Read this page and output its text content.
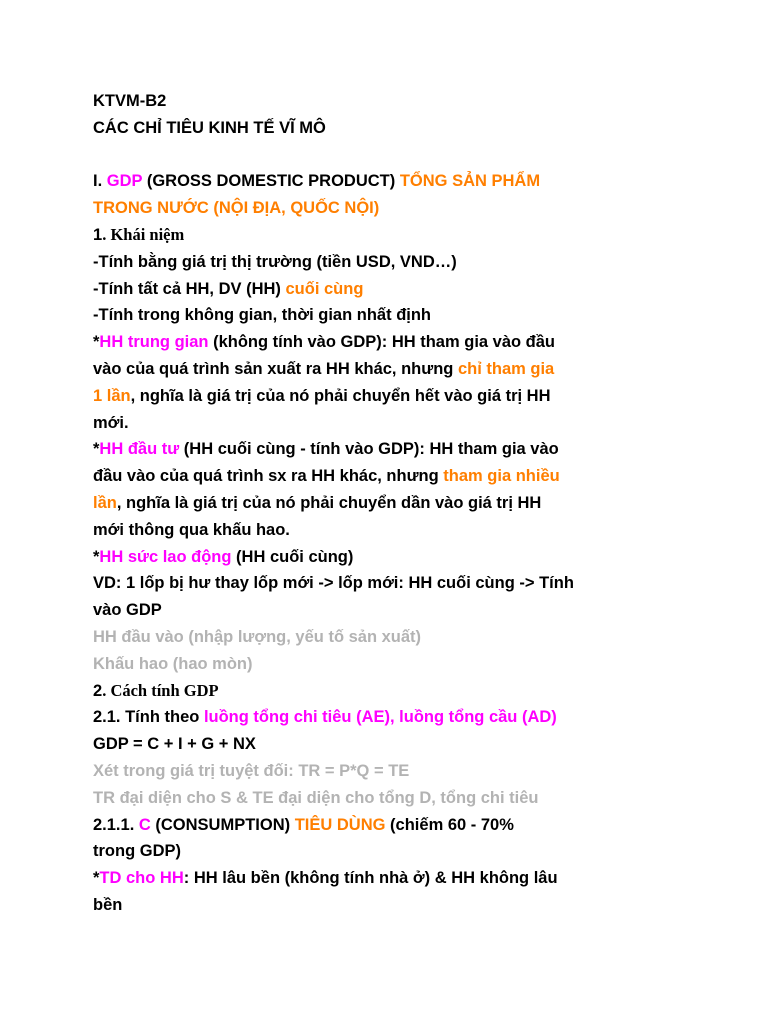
KTVM-B2
CÁC CHỈ TIÊU KINH TẾ VĨ MÔ
I. GDP (GROSS DOMESTIC PRODUCT) TỔNG SẢN PHẨM
TRONG NƯỚC (NỘI ĐỊA, QUỐC NỘI)
1. Khái niệm
-Tính bằng giá trị thị trường (tiền USD, VND…)
-Tính tất cả HH, DV (HH) cuối cùng
-Tính trong không gian, thời gian nhất định
*HH trung gian (không tính vào GDP): HH tham gia vào đầu
vào của quá trình sản xuất ra HH khác, nhưng chỉ tham gia
1 lần, nghĩa là giá trị của nó phải chuyển hết vào giá trị HH
mới.
*HH đầu tư (HH cuối cùng - tính vào GDP): HH tham gia vào
đầu vào của quá trình sx ra HH khác, nhưng tham gia nhiều
lần, nghĩa là giá trị của nó phải chuyển dần vào giá trị HH
mới thông qua khấu hao.
*HH sức lao động (HH cuối cùng)
VD: 1 lốp bị hư thay lốp mới -> lốp mới: HH cuối cùng -> Tính
vào GDP
HH đầu vào (nhập lượng, yếu tố sản xuất)
Khấu hao (hao mòn)
2. Cách tính GDP
2.1. Tính theo luồng tổng chi tiêu (AE), luồng tổng cầu (AD)
GDP = C + I + G + NX
Xét trong giá trị tuyệt đối: TR = P*Q = TE
TR đại diện cho S & TE đại diện cho tổng D, tổng chi tiêu
2.1.1. C (CONSUMPTION) TIÊU DÙNG (chiếm 60 - 70%
trong GDP)
*TD cho HH: HH lâu bền (không tính nhà ở) & HH không lâu
bền
